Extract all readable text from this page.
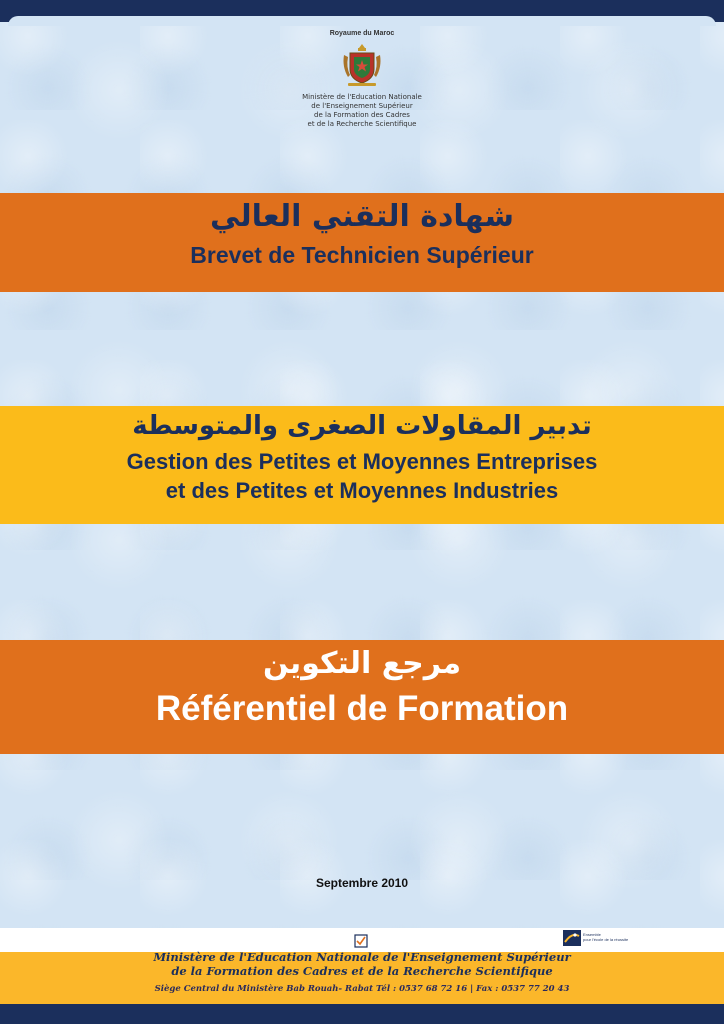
Royaume du Maroc
Ministère de l'Education Nationale
de l'Enseignement Supérieur
de la Formation des Cadres
et de la Recherche Scientifique
شهادة التقني العالي
Brevet de Technicien Supérieur
تدبير المقاولات الصغرى والمتوسطة
Gestion des Petites et Moyennes Entreprises
et des Petites et Moyennes Industries
مرجع التكوين
Référentiel de Formation
Septembre 2010
Ensemble
pour l'école de la réussite
Ministère de l'Education Nationale de l'Enseignement Supérieur
de la Formation des Cadres et de la Recherche Scientifique
Siège Central du Ministère Bab Rouah- Rabat Tél : 0537 68 72 16 | Fax : 0537 77 20 43
